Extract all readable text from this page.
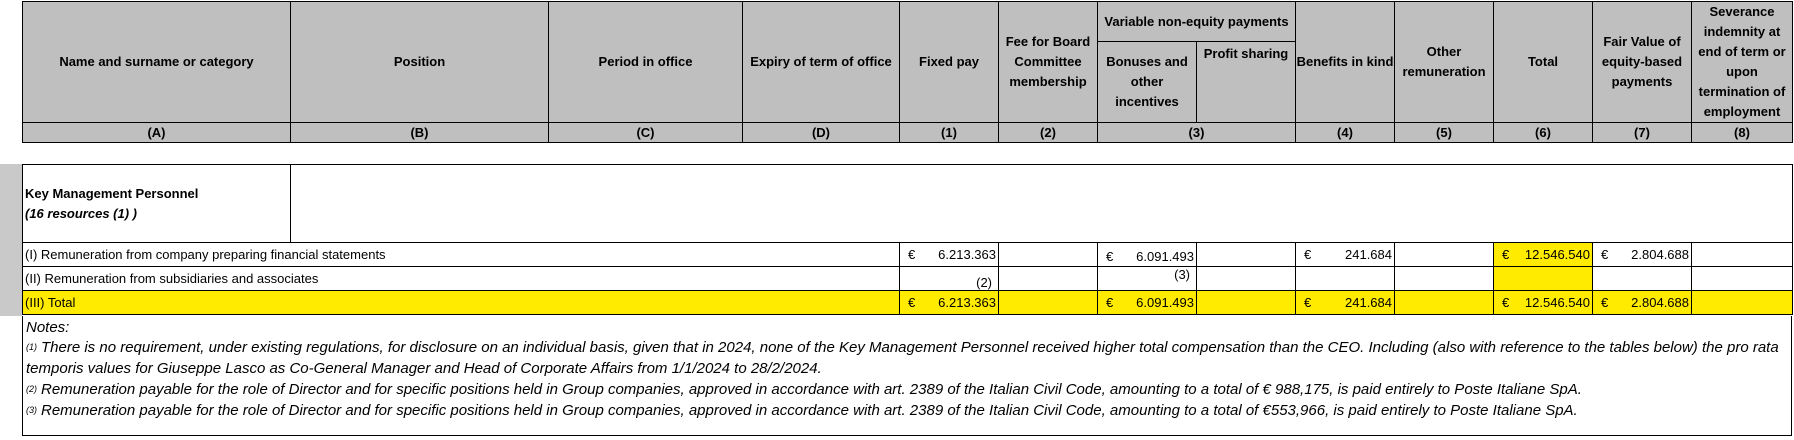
Name and surname or category	Position	Period in office	Expiry of term of office	Fixed pay	Fee for Board Committee membership	Variable non-equity payments		Benefits in kind	Other remuneration	Total	Fair Value of equity-based payments	Severance indemnity at end of term or upon termination of employment
						Bonuses and other incentives	Profit sharing					
(A)	(B)	(C)	(D)	(1)	(2)	(3)		(4)	(5)	(6)	(7)	(8)
Key Management Personnel
(16 resources (1) )										

(I) Remuneration from company preparing financial statements		€ 6.213.363		€ 6.091.493		€ 241.684		€ 12.546.540	€ 2.804.688	

(II) Remuneration from subsidiaries and associates		(2)		(3)						
(III) Total		€ 6.213.363		€ 6.091.493		€ 241.684		€ 12.546.540	€ 2.804.688	

Notes:
$^{(1)}$ There is no requirement, under existing regulations, for disclosure on an individual basis, given that in 2024, none of the Key Management Personnel received higher total compensation than the CEO. Including (also with reference to the tables below) the pro rata temporis values for Giuseppe Lasco as Co-General Manager and Head of Corporate Affairs from 1/1/2024 to 28/2/2024.
$^{(2)}$ Remuneration payable for the role of Director and for specific positions held in Group companies, approved in accordance with art. 2389 of the Italian Civil Code, amounting to a total of € 988,175, is paid entirely to Poste Italiane SpA.
$^{(3)}$ Remuneration payable for the role of Director and for specific positions held in Group companies, approved in accordance with art. 2389 of the Italian Civil Code, amounting to a total of €553,966, is paid entirely to Poste Italiane SpA.
